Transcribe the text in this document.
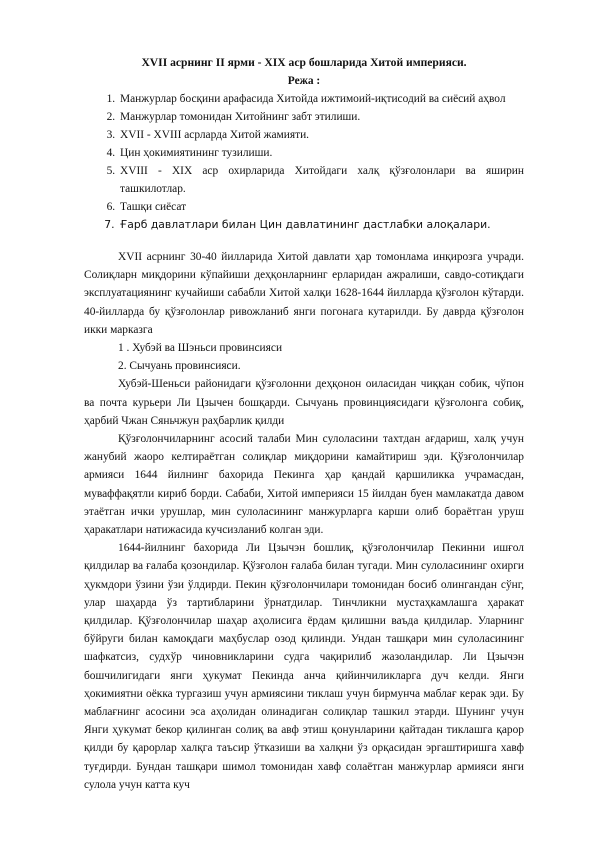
XVII асрнинг II ярми - XIX аср бошларида Хитой империяси.

Режа :

1. Манжурлар босқини арафасида Хитойда ижтимоий-иқтисодий ва сиёсий аҳвол
2. Манжурлар томонидан Хитойнинг забт этилиши.
3. XVII - XVIII асрларда Хитой жамияти.
4. Цин ҳокимиятининг тузилиши.
5. XVIII - XIX аср охирларида Хитойдаги халқ қўзғолонлари ва яширин ташкилотлар.
6. Ташқи сиёсат
7. Ғарб давлатлари билан Цин давлатининг дастлабки алоқалари.

XVII асрнинг 30-40 йилларида Хитой давлати ҳар томонлама инқирозга учради. Солиқларн миқдорини кўпайиши деҳқонларнинг ерларидан ажралиши, савдо-сотиқдаги эксплуатациянинг кучайиши сабабли Хитой халқи 1628-1644 йилларда қўзғолон кўтарди. 40-йилларда бу қўзғолонлар ривожланиб янги погонага кутарилди. Бу даврда қўзғолон икки марказга

1 . Хубэй ва Шэньси провинсияси

2. Сычуань провинсияси.

Хубэй-Шеньси районидаги қўзғолонни деҳқонон оиласидан чиққан собик, чўпон ва почта курьери Ли Цзычен бошқарди. Сычуань провинциясидаги қўзғолонга собиқ, ҳарбий Чжан Сяньчжун раҳбарлик қилди

Қўзғолончиларнинг асосий талаби Мин сулоласини тахтдан ағдариш, халқ учун жанубий жаоро келтираётган солиқлар миқдорини камайтириш эди. Қўзғолончилар армияси 1644 йилнинг бахорида Пекинга ҳар қандай қаршиликка учрамасдан, муваффақятли кириб борди. Сабаби, Хитой империяси 15 йилдан буен мамлакатда давом этаётган ички урушлар, мин сулоласининг манжурларга карши олиб бораётган уруш ҳаракатлари натижасида кучсизланиб колган эди.

1644-йилнинг бахорида Ли Цзычэн бошлиқ, қўзғолончилар Пекинни ишғол қилдилар ва ғалаба қозондилар. Қўзғолон ғалаба билан тугади. Мин сулоласининг охирги ҳукмдори ўзини ўзи ўлдирди. Пекин қўзғолончилари томонидан босиб олингандан сўнг, улар шаҳарда ўз тартибларини ўрнатдилар. Тинчликни мустаҳкамлашга ҳаракат қилдилар. Қўзғолончилар шаҳар аҳолисига ёрдам қилишни ваъда қилдилар. Уларнинг бўйруги билан камоқдаги маҳбуслар озод қилинди. Ундан ташқари мин сулоласининг шафкатсиз, судхўр чиновникларини судга чақирилиб жазоландилар. Ли Цзычэн бошчилигидаги янги ҳукумат Пекинда анча қийинчиликларга дуч келди. Янги ҳокимиятни оёкка тургазиш учун армиясини тиклаш учун бирмунча маблағ керак эди. Бу маблағнинг асосини эса аҳолидан олинадиган солиқлар ташкил этарди. Шунинг учун Янги ҳукумат бекор қилинган солиқ ва авф этиш қонунларини қайтадан тиклашга қарор қилди бу қарорлар халқга таъсир ўтказиши ва халқни ўз орқасидан эргаштиришга хавф туғдирди. Бундан ташқари шимол томонидан хавф солаётган манжурлар армияси янги сулола учун катта куч
